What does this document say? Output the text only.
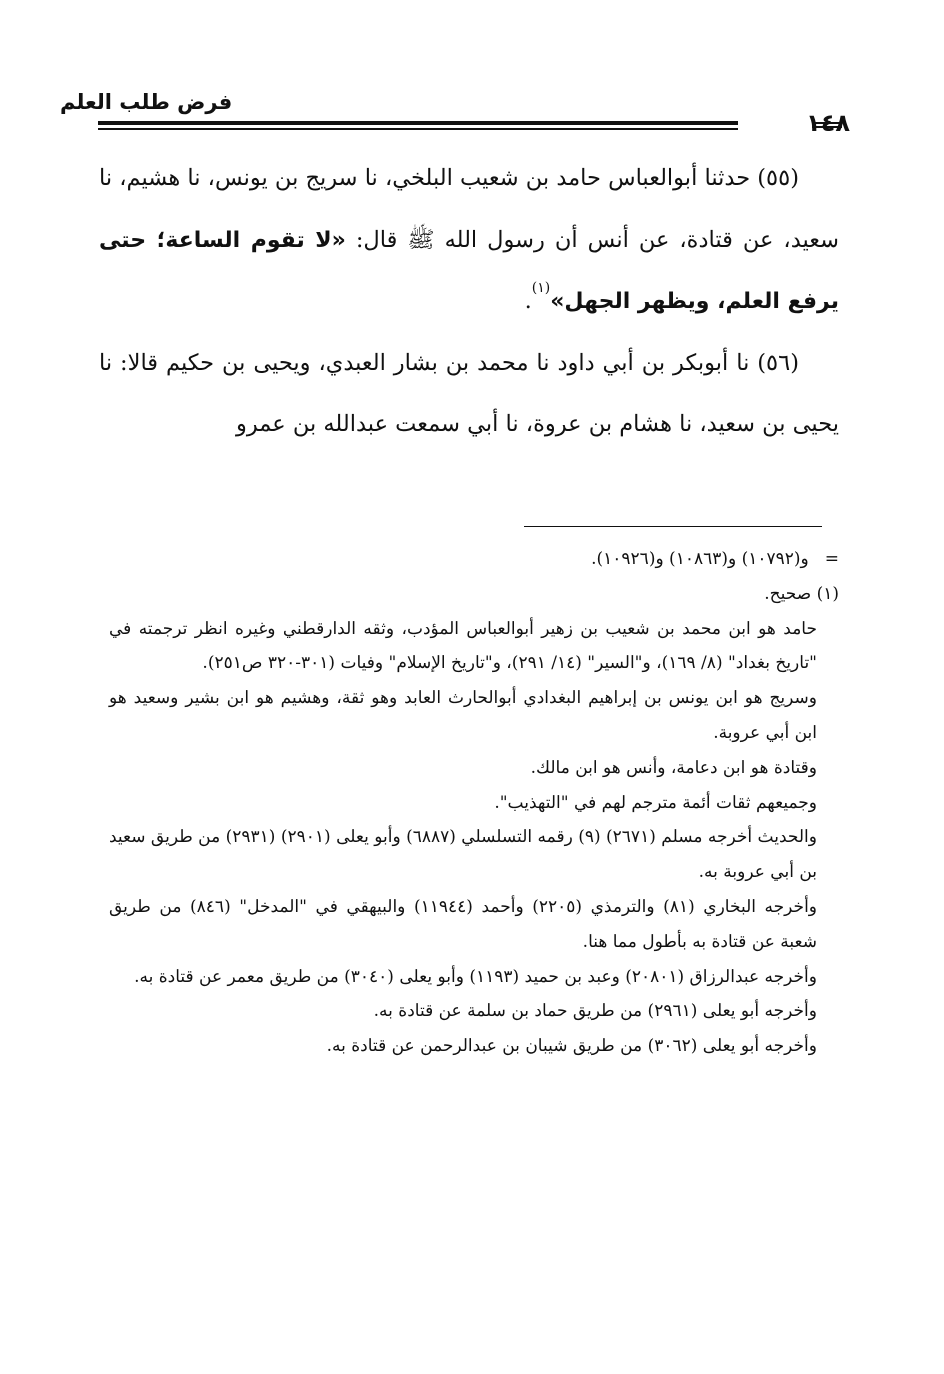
فرض طلب العلم
١٤٨

(٥٥) حدثنا أبوالعباس حامد بن شعيب البلخي، نا سريج بن يونس، نا هشيم، نا سعيد، عن قتادة، عن أنس أن رسول الله ﷺ قال: «لا تقوم الساعة؛ حتى يرفع العلم، ويظهر الجهل»$^{(١)}$.

(٥٦) نا أبوبكر بن أبي داود نا محمد بن بشار العبدي، ويحيى بن حكيم قالا: نا يحيى بن سعيد، نا هشام بن عروة، نا أبي سمعت عبدالله بن عمرو

=و(١٠٧٩٢) و(١٠٨٦٣) و(١٠٩٢٦).

(١) صحيح.

حامد هو ابن محمد بن شعيب بن زهير أبوالعباس المؤدب، وثقه الدارقطني وغيره انظر ترجمته في "تاريخ بغداد" (٨/ ١٦٩)، و"السير" (١٤/ ٢٩١)، و"تاريخ الإسلام" وفيات (٣٠١-٣٢٠ ص٢٥١).

وسريج هو ابن يونس بن إبراهيم البغدادي أبوالحارث العابد وهو ثقة، وهشيم هو ابن بشير وسعيد هو ابن أبي عروبة.

وقتادة هو ابن دعامة، وأنس هو ابن مالك.

وجميعهم ثقات أئمة مترجم لهم في "التهذيب".

والحديث أخرجه مسلم (٢٦٧١) (٩) رقمه التسلسلي (٦٨٨٧) وأبو يعلى (٢٩٠١) (٢٩٣١) من طريق سعيد بن أبي عروبة به.

وأخرجه البخاري (٨١) والترمذي (٢٢٠٥) وأحمد (١١٩٤٤) والبيهقي في "المدخل" (٨٤٦) من طريق شعبة عن قتادة به بأطول مما هنا.

وأخرجه عبدالرزاق (٢٠٨٠١) وعبد بن حميد (١١٩٣) وأبو يعلى (٣٠٤٠) من طريق معمر عن قتادة به.

وأخرجه أبو يعلى (٢٩٦١) من طريق حماد بن سلمة عن قتادة به.

وأخرجه أبو يعلى (٣٠٦٢) من طريق شيبان بن عبدالرحمن عن قتادة به.
